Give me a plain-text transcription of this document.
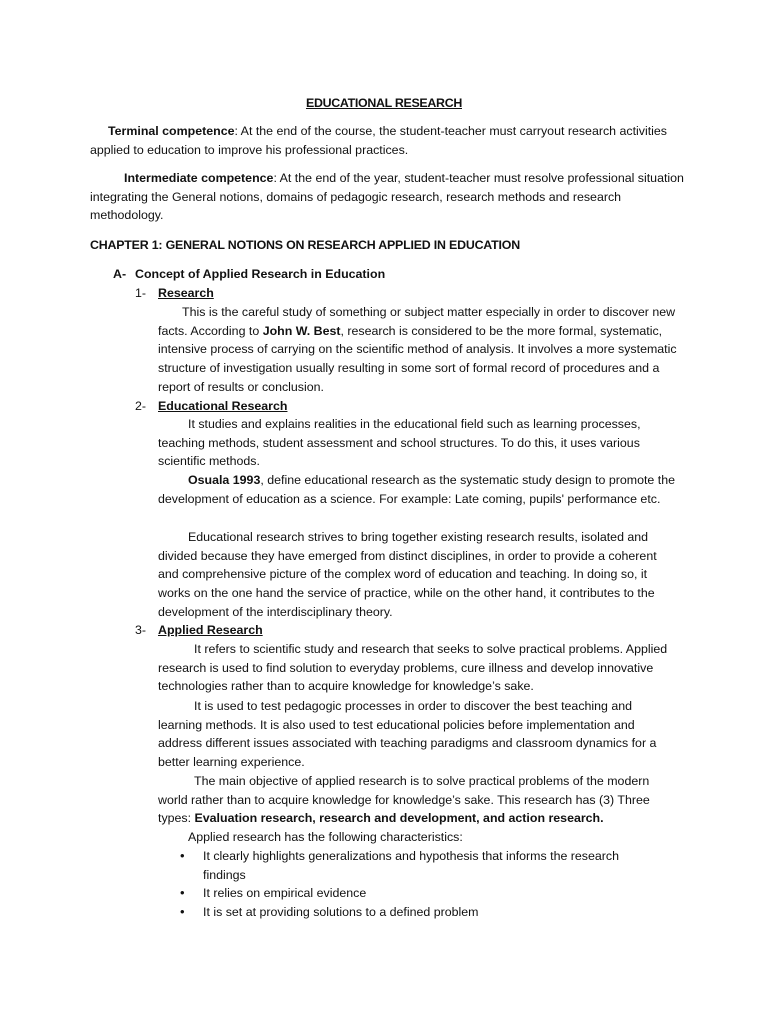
EDUCATIONAL RESEARCH

Terminal competence: At the end of the course, the student-teacher must carryout research activities applied to education to improve his professional practices.

Intermediate competence: At the end of the year, student-teacher must resolve professional situation integrating the General notions, domains of pedagogic research, research methods and research methodology.

CHAPTER 1: GENERAL NOTIONS ON RESEARCH APPLIED IN EDUCATION
A- Concept of Applied Research in Education
1- Research

This is the careful study of something or subject matter especially in order to discover new facts. According to John W. Best, research is considered to be the more formal, systematic, intensive process of carrying on the scientific method of analysis. It involves a more systematic structure of investigation usually resulting in some sort of formal record of procedures and a report of results or conclusion.

2- Educational Research

It studies and explains realities in the educational field such as learning processes, teaching methods, student assessment and school structures. To do this, it uses various scientific methods.

Osuala 1993, define educational research as the systematic study design to promote the development of education as a science. For example: Late coming, pupils' performance etc.

Educational research strives to bring together existing research results, isolated and divided because they have emerged from distinct disciplines, in order to provide a coherent and comprehensive picture of the complex word of education and teaching. In doing so, it works on the one hand the service of practice, while on the other hand, it contributes to the development of the interdisciplinary theory.

3- Applied Research

It refers to scientific study and research that seeks to solve practical problems. Applied research is used to find solution to everyday problems, cure illness and develop innovative technologies rather than to acquire knowledge for knowledge’s sake.

It is used to test pedagogic processes in order to discover the best teaching and learning methods. It is also used to test educational policies before implementation and address different issues associated with teaching paradigms and classroom dynamics for a better learning experience.

The main objective of applied research is to solve practical problems of the modern world rather than to acquire knowledge for knowledge’s sake. This research has (3) Three types: Evaluation research, research and development, and action research.

Applied research has the following characteristics:

•	It clearly highlights generalizations and hypothesis that informs the research findings
•	It relies on empirical evidence
•	It is set at providing solutions to a defined problem
